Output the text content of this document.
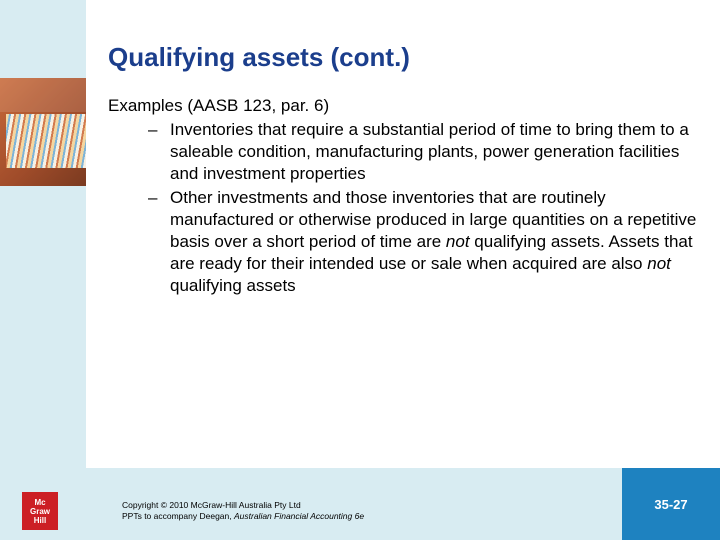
Mc
Graw
Hill
Qualifying assets (cont.)

Examples (AASB 123, par. 6)

– Inventories that require a substantial period of time to bring them to a saleable condition, manufacturing plants, power generation facilities and investment properties

– Other investments and those inventories that are routinely manufactured or otherwise produced in large quantities on a repetitive basis over a short period of time are not qualifying assets. Assets that are ready for their intended use or sale when acquired are also not qualifying assets

Copyright © 2010 McGraw-Hill Australia Pty Ltd
PPTs to accompany Deegan, Australian Financial Accounting 6e
35-27
